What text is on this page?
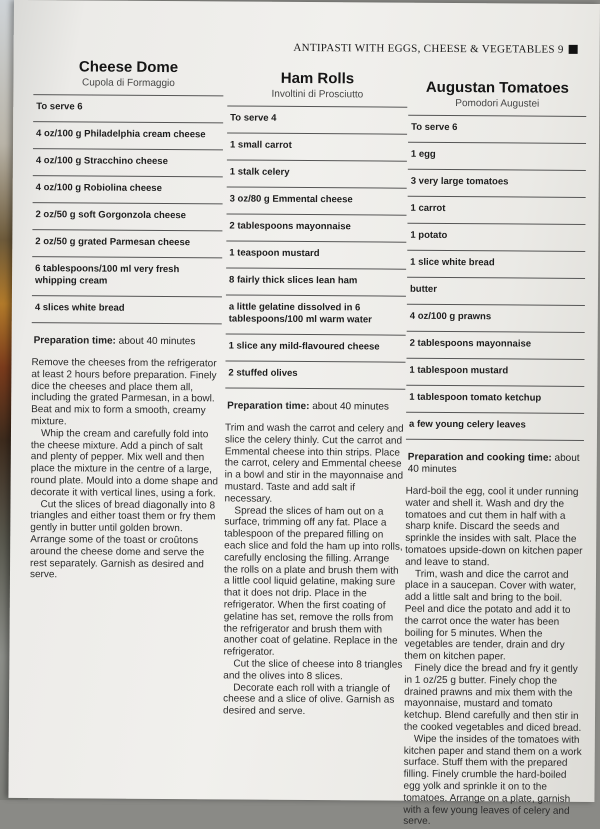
ANTIPASTI WITH EGGS, CHEESE & VEGETABLES 9
Cheese Dome
Cupola di Formaggio
To serve 6
4 oz/100 g Philadelphia cream cheese
4 oz/100 g Stracchino cheese
4 oz/100 g Robiolina cheese
2 oz/50 g soft Gorgonzola cheese
2 oz/50 g grated Parmesan cheese
6 tablespoons/100 ml very fresh whipping cream
4 slices white bread
Preparation time: about 40 minutes

Remove the cheeses from the refrigerator at least 2 hours before preparation. Finely dice the cheeses and place them all, including the grated Parmesan, in a bowl. Beat and mix to form a smooth, creamy mixture.

Whip the cream and carefully fold into the cheese mixture. Add a pinch of salt and plenty of pepper. Mix well and then place the mixture in the centre of a large, round plate. Mould into a dome shape and decorate it with vertical lines, using a fork.

Cut the slices of bread diagonally into 8 triangles and either toast them or fry them gently in butter until golden brown. Arrange some of the toast or croûtons around the cheese dome and serve the rest separately. Garnish as desired and serve.

Ham Rolls
Involtini di Prosciutto
To serve 4
1 small carrot
1 stalk celery
3 oz/80 g Emmental cheese
2 tablespoons mayonnaise
1 teaspoon mustard
8 fairly thick slices lean ham
a little gelatine dissolved in 6 tablespoons/100 ml warm water
1 slice any mild-flavoured cheese
2 stuffed olives
Preparation time: about 40 minutes

Trim and wash the carrot and celery and slice the celery thinly. Cut the carrot and Emmental cheese into thin strips. Place the carrot, celery and Emmental cheese in a bowl and stir in the mayonnaise and mustard. Taste and add salt if necessary.

Spread the slices of ham out on a surface, trimming off any fat. Place a tablespoon of the prepared filling on each slice and fold the ham up into rolls, carefully enclosing the filling. Arrange the rolls on a plate and brush them with a little cool liquid gelatine, making sure that it does not drip. Place in the refrigerator. When the first coating of gelatine has set, remove the rolls from the refrigerator and brush them with another coat of gelatine. Replace in the refrigerator.

Cut the slice of cheese into 8 triangles and the olives into 8 slices.

Decorate each roll with a triangle of cheese and a slice of olive. Garnish as desired and serve.

Augustan Tomatoes
Pomodori Augustei
To serve 6
1 egg
3 very large tomatoes
1 carrot
1 potato
1 slice white bread
butter
4 oz/100 g prawns
2 tablespoons mayonnaise
1 tablespoon mustard
1 tablespoon tomato ketchup
a few young celery leaves
Preparation and cooking time: about 40 minutes

Hard-boil the egg, cool it under running water and shell it. Wash and dry the tomatoes and cut them in half with a sharp knife. Discard the seeds and sprinkle the insides with salt. Place the tomatoes upside-down on kitchen paper and leave to stand.

Trim, wash and dice the carrot and place in a saucepan. Cover with water, add a little salt and bring to the boil. Peel and dice the potato and add it to the carrot once the water has been boiling for 5 minutes. When the vegetables are tender, drain and dry them on kitchen paper.

Finely dice the bread and fry it gently in 1 oz/25 g butter. Finely chop the drained prawns and mix them with the mayonnaise, mustard and tomato ketchup. Blend carefully and then stir in the cooked vegetables and diced bread.

Wipe the insides of the tomatoes with kitchen paper and stand them on a work surface. Stuff them with the prepared filling. Finely crumble the hard-boiled egg yolk and sprinkle it on to the tomatoes. Arrange on a plate, garnish with a few young leaves of celery and serve.
